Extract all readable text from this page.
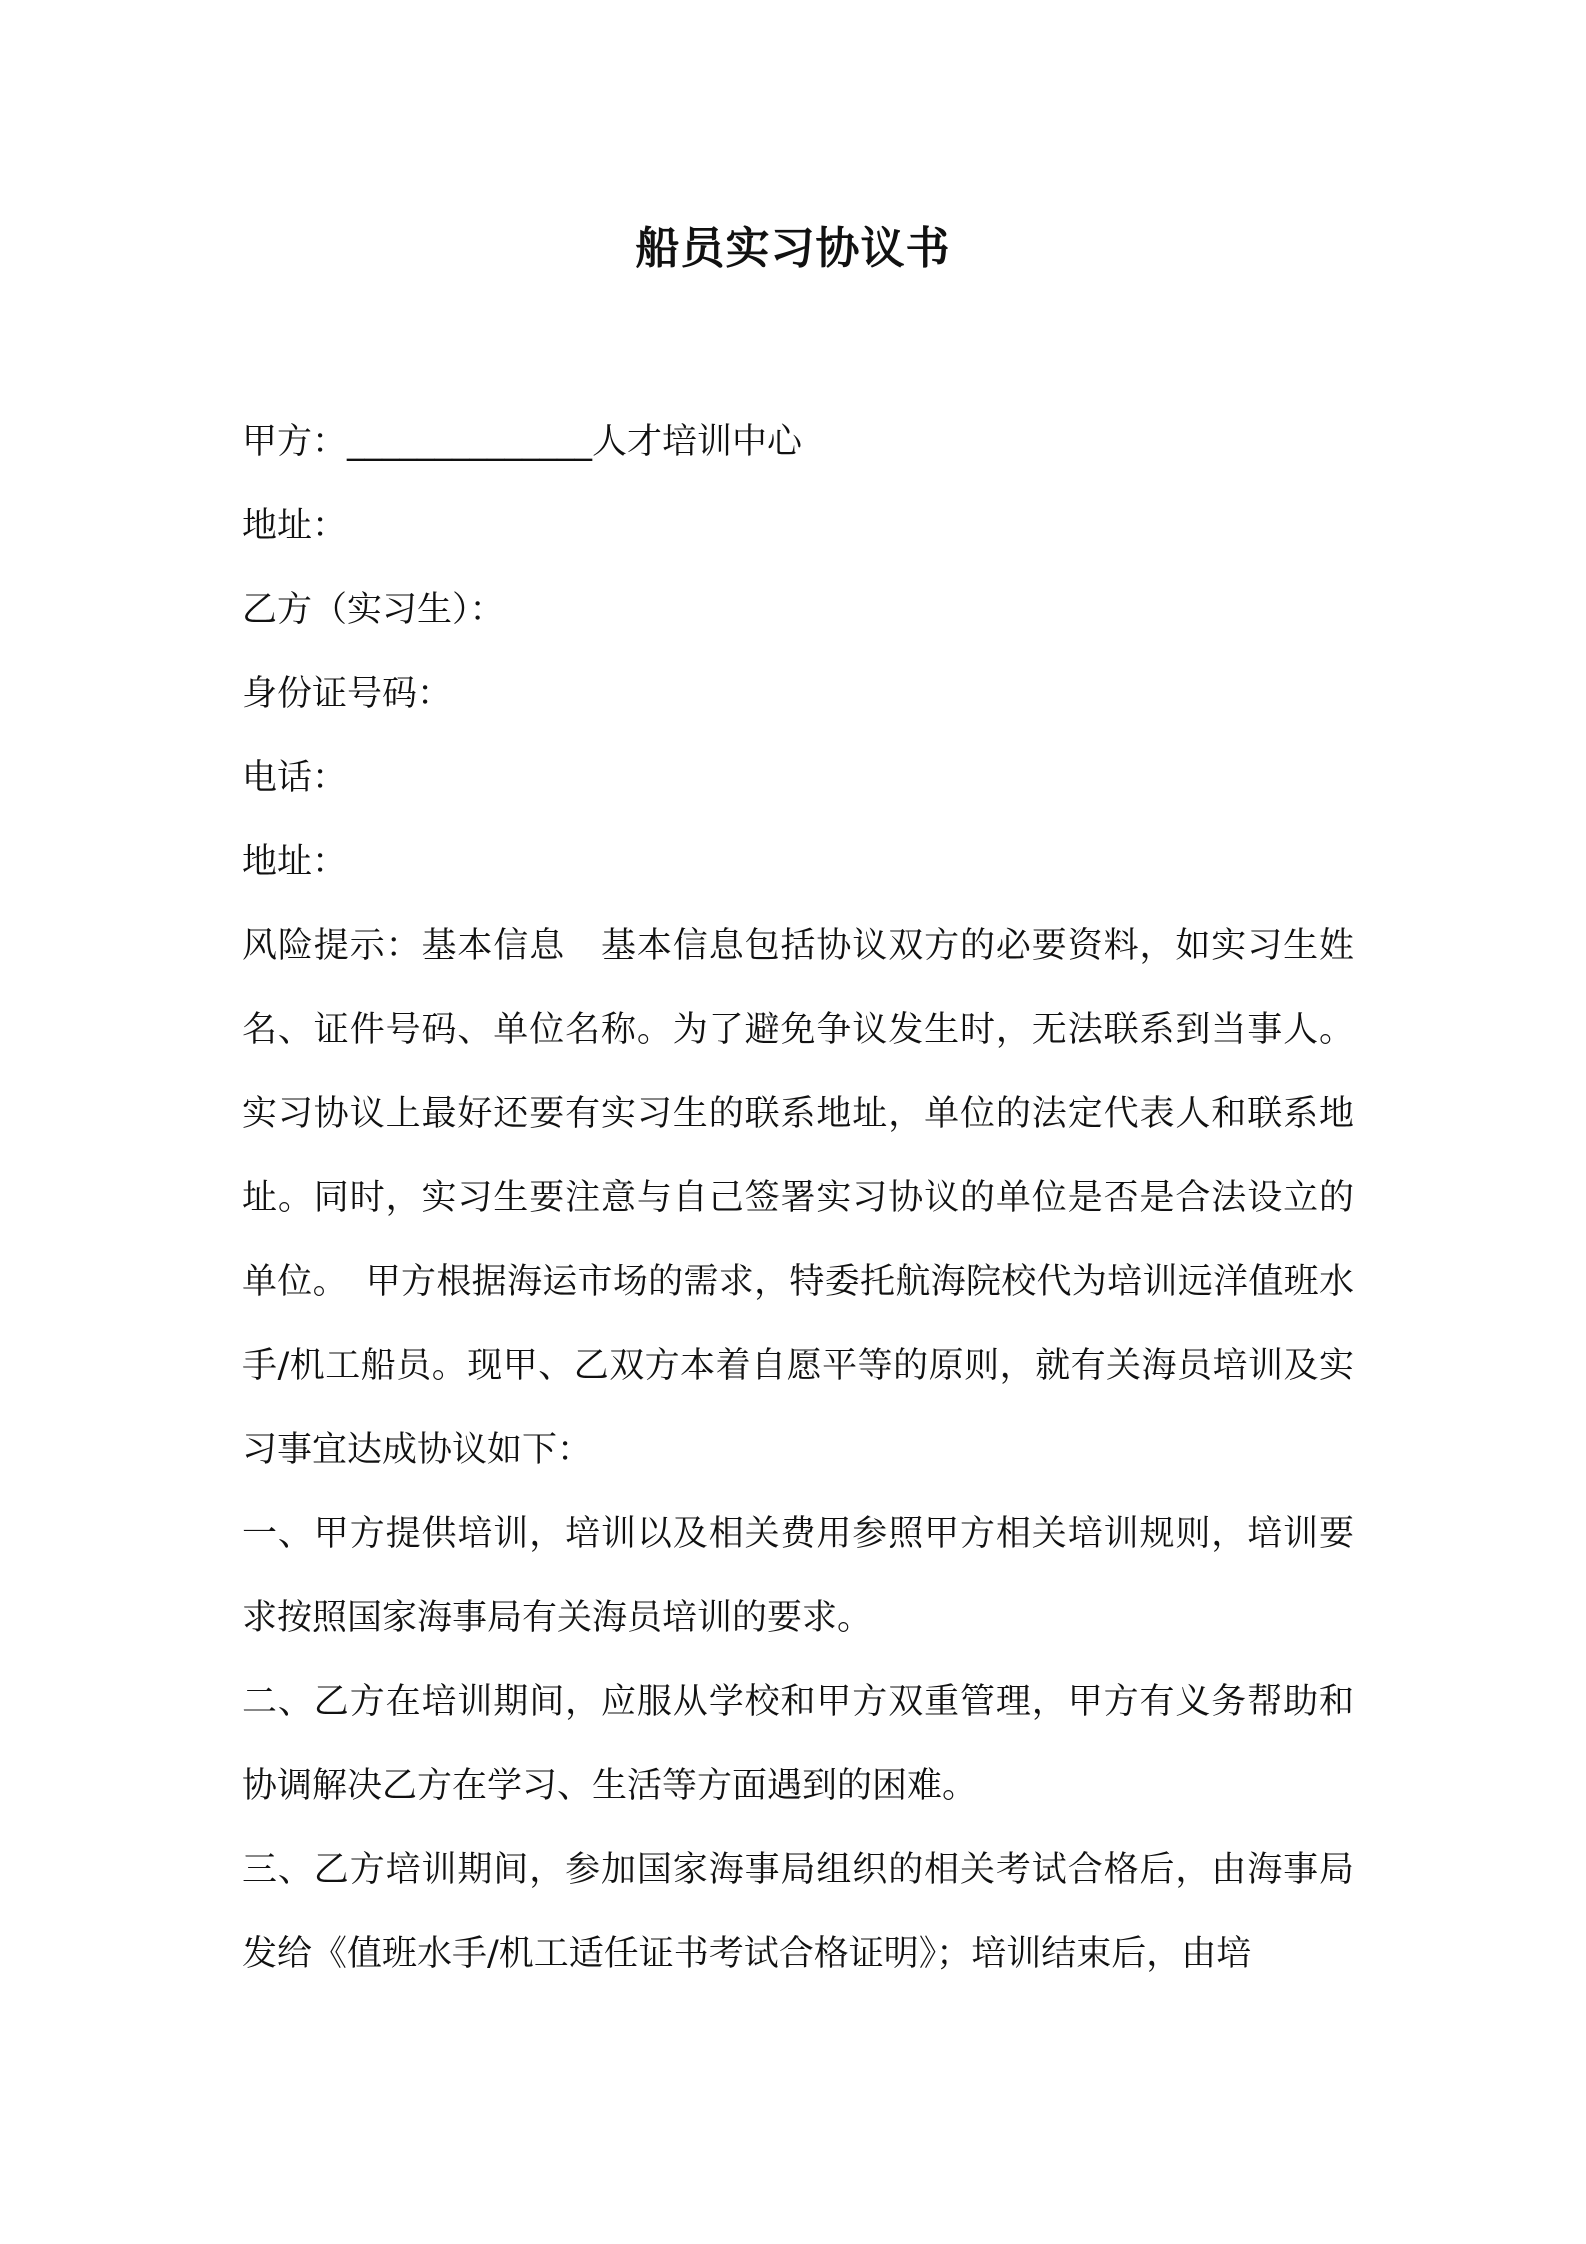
船员实习协议书

甲方：______________人才培训中心

地址：

乙方（实习生）：

身份证号码：

电话：

地址：

风险提示：基本信息　基本信息包括协议双方的必要资料，如实习生姓名、证件号码、单位名称。为了避免争议发生时，无法联系到当事人。实习协议上最好还要有实习生的联系地址，单位的法定代表人和联系地址。同时，实习生要注意与自己签署实习协议的单位是否是合法设立的单位。　甲方根据海运市场的需求，特委托航海院校代为培训远洋值班水手/机工船员。现甲、乙双方本着自愿平等的原则，就有关海员培训及实习事宜达成协议如下：

一、甲方提供培训，培训以及相关费用参照甲方相关培训规则，培训要求按照国家海事局有关海员培训的要求。

二、乙方在培训期间，应服从学校和甲方双重管理，甲方有义务帮助和协调解决乙方在学习、生活等方面遇到的困难。

三、乙方培训期间，参加国家海事局组织的相关考试合格后，由海事局发给《值班水手/机工适任证书考试合格证明》；培训结束后，由培
